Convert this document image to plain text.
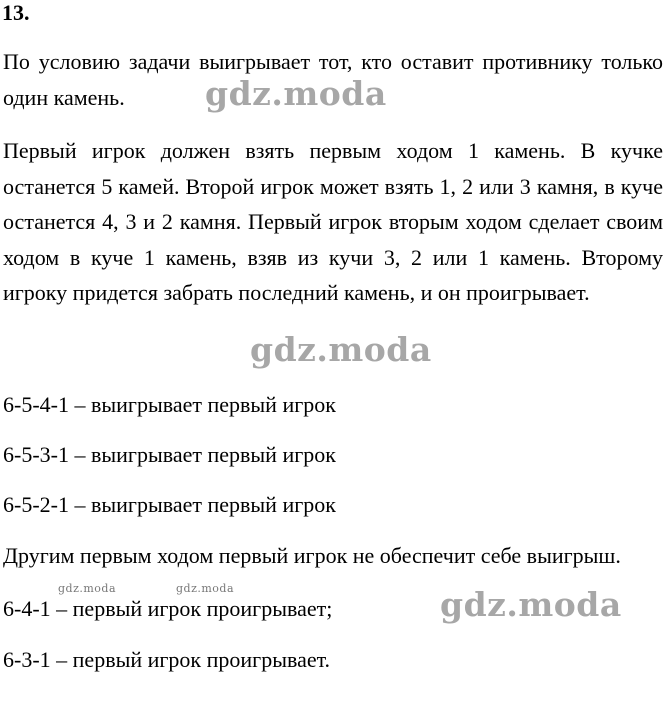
13.

По условию задачи выигрывает тот, кто оставит противнику только один камень.

Первый игрок должен взять первым ходом 1 камень. В кучке останется 5 камей. Второй игрок может взять 1, 2 или 3 камня, в куче останется 4, 3 и 2 камня. Первый игрок вторым ходом сделает своим ходом в куче 1 камень, взяв из кучи 3, 2 или 1 камень. Второму игроку придется забрать последний камень, и он проигрывает.

6-5-4-1 – выигрывает первый игрок
6-5-3-1 – выигрывает первый игрок
6-5-2-1 – выигрывает первый игрок
Другим первым ходом первый игрок не обеспечит себе выигрыш.
6-4-1 – первый игрок проигрывает;
6-3-1 – первый игрок проигрывает.
gdz.moda
gdz.moda
gdz.moda
gdz.moda	gdz.moda
